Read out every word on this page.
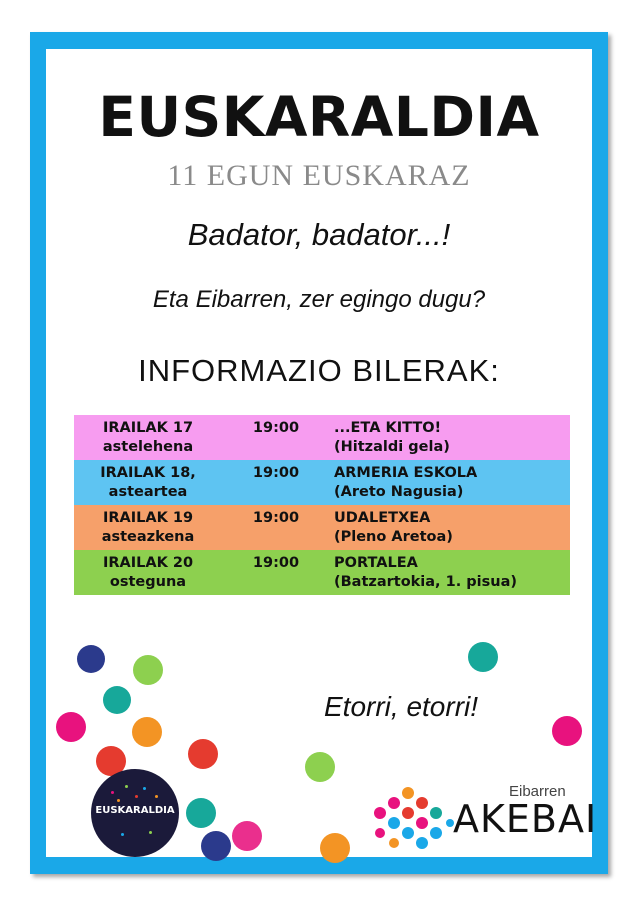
EUSKARALDIA
11 EGUN EUSKARAZ
Badator, badator...!
Eta Eibarren, zer egingo dugu?
INFORMAZIO BILERAK:
IRAILAK 17
astelehena	19:00	...ETA KITTO!
(Hitzaldi gela)
IRAILAK 18,
asteartea	19:00	ARMERIA ESKOLA
(Areto Nagusia)
IRAILAK 19
asteazkena	19:00	UDALETXEA
(Pleno Aretoa)
IRAILAK 20
osteguna	19:00	PORTALEA
(Batzartokia, 1. pisua)
Etorri, etorri!
EUSKARALDIA
Eibarren
AKEBAI
